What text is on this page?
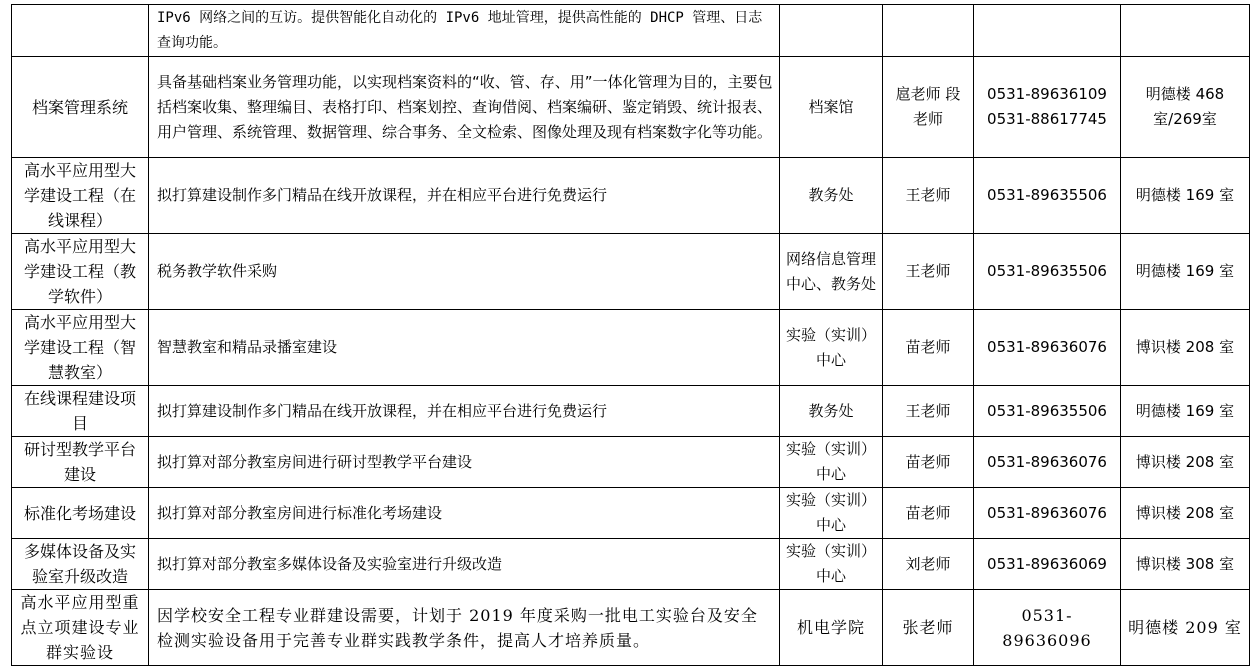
	IPv6 网络之间的互访。提供智能化自动化的 IPv6 地址管理，提供高性能的 DHCP 管理、日志查询功能。				
档案管理系统	具备基础档案业务管理功能，以实现档案资料的“收、管、存、用”一体化管理为目的，主要包括档案收集、整理编目、表格打印、档案划控、查询借阅、档案编研、鉴定销毁、统计报表、用户管理、系统管理、数据管理、综合事务、全文检索、图像处理及现有档案数字化等功能。	档案馆	扈老师 段老师	0531-89636109 0531-88617745	明德楼 468室/269室
高水平应用型大学建设工程（在线课程）	拟打算建设制作多门精品在线开放课程，并在相应平台进行免费运行	教务处	王老师	0531-89635506	明德楼 169 室
高水平应用型大学建设工程（教学软件）	税务教学软件采购	网络信息管理中心、教务处	王老师	0531-89635506	明德楼 169 室
高水平应用型大学建设工程（智慧教室）	智慧教室和精品录播室建设	实验（实训）中心	苗老师	0531-89636076	博识楼 208 室
在线课程建设项目	拟打算建设制作多门精品在线开放课程，并在相应平台进行免费运行	教务处	王老师	0531-89635506	明德楼 169 室
研讨型教学平台建设	拟打算对部分教室房间进行研讨型教学平台建设	实验（实训）中心	苗老师	0531-89636076	博识楼 208 室
标准化考场建设	拟打算对部分教室房间进行标准化考场建设	实验（实训）中心	苗老师	0531-89636076	博识楼 208 室
多媒体设备及实验室升级改造	拟打算对部分教室多媒体设备及实验室进行升级改造	实验（实训）中心	刘老师	0531-89636069	博识楼 308 室
高水平应用型重点立项建设专业群实验设	因学校安全工程专业群建设需要，计划于 2019 年度采购一批电工实验台及安全检测实验设备用于完善专业群实践教学条件，提高人才培养质量。	机电学院	张老师	0531-89636096	明德楼 209 室
